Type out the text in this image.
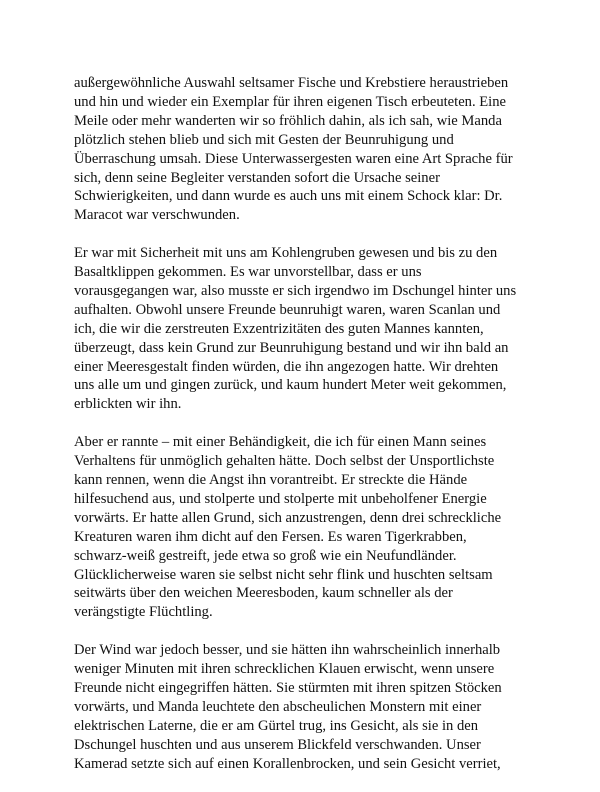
außergewöhnliche Auswahl seltsamer Fische und Krebstiere heraustrieben
und hin und wieder ein Exemplar für ihren eigenen Tisch erbeuteten. Eine
Meile oder mehr wanderten wir so fröhlich dahin, als ich sah, wie Manda
plötzlich stehen blieb und sich mit Gesten der Beunruhigung und
Überraschung umsah. Diese Unterwassergesten waren eine Art Sprache für
sich, denn seine Begleiter verstanden sofort die Ursache seiner
Schwierigkeiten, und dann wurde es auch uns mit einem Schock klar: Dr.
Maracot war verschwunden.

Er war mit Sicherheit mit uns am Kohlengruben gewesen und bis zu den
Basaltklippen gekommen. Es war unvorstellbar, dass er uns
vorausgegangen war, also musste er sich irgendwo im Dschungel hinter uns
aufhalten. Obwohl unsere Freunde beunruhigt waren, waren Scanlan und
ich, die wir die zerstreuten Exzentrizitäten des guten Mannes kannten,
überzeugt, dass kein Grund zur Beunruhigung bestand und wir ihn bald an
einer Meeresgestalt finden würden, die ihn angezogen hatte. Wir drehten
uns alle um und gingen zurück, und kaum hundert Meter weit gekommen,
erblickten wir ihn.

Aber er rannte – mit einer Behändigkeit, die ich für einen Mann seines
Verhaltens für unmöglich gehalten hätte. Doch selbst der Unsportlichste
kann rennen, wenn die Angst ihn vorantreibt. Er streckte die Hände
hilfesuchend aus, und stolperte und stolperte mit unbeholfener Energie
vorwärts. Er hatte allen Grund, sich anzustrengen, denn drei schreckliche
Kreaturen waren ihm dicht auf den Fersen. Es waren Tigerkrabben,
schwarz-weiß gestreift, jede etwa so groß wie ein Neufundländer.
Glücklicherweise waren sie selbst nicht sehr flink und huschten seltsam
seitwärts über den weichen Meeresboden, kaum schneller als der
verängstigte Flüchtling.

Der Wind war jedoch besser, und sie hätten ihn wahrscheinlich innerhalb
weniger Minuten mit ihren schrecklichen Klauen erwischt, wenn unsere
Freunde nicht eingegriffen hätten. Sie stürmten mit ihren spitzen Stöcken
vorwärts, und Manda leuchtete den abscheulichen Monstern mit einer
elektrischen Laterne, die er am Gürtel trug, ins Gesicht, als sie in den
Dschungel huschten und aus unserem Blickfeld verschwanden. Unser
Kamerad setzte sich auf einen Korallenbrocken, und sein Gesicht verriet,
